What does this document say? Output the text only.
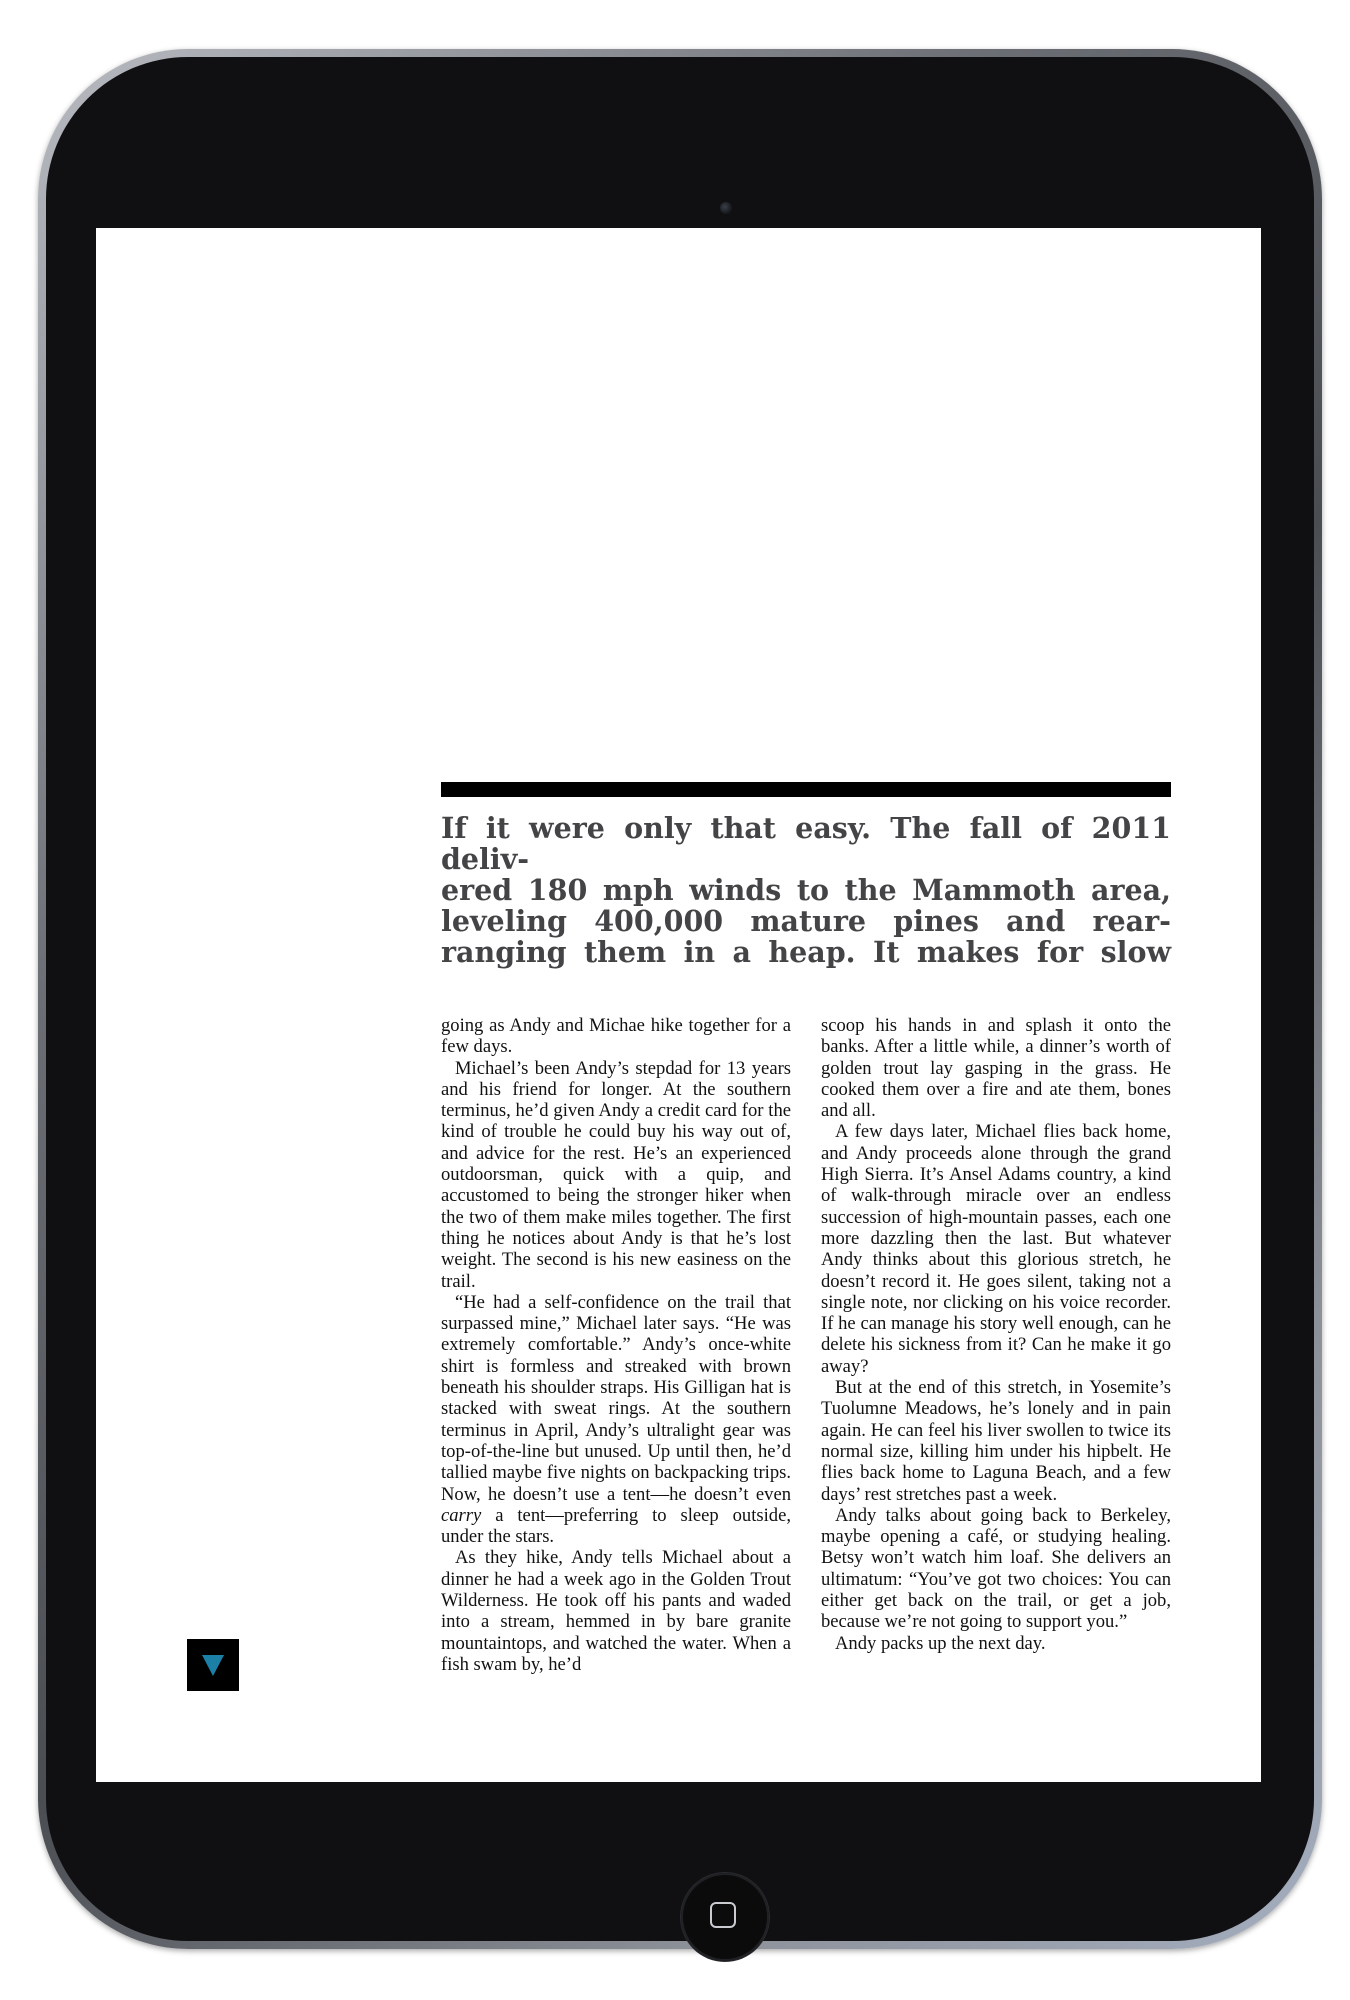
If it were only that easy. The fall of 2011 deliv-
ered 180 mph winds to the Mammoth area,
leveling 400,000 mature pines and rear-
ranging them in a heap. It makes for slow

going as Andy and Michae hike together for a few days.

Michael’s been Andy’s stepdad for 13 years and his friend for longer. At the southern terminus, he’d given Andy a credit card for the kind of trouble he could buy his way out of, and advice for the rest. He’s an experienced outdoorsman, quick with a quip, and accustomed to being the stronger hiker when the two of them make miles together. The first thing he notices about Andy is that he’s lost weight. The second is his new easiness on the trail.

“He had a self-confidence on the trail that surpassed mine,” Michael later says. “He was extremely comfortable.” Andy’s once-white shirt is formless and streaked with brown beneath his shoulder straps. His Gilligan hat is stacked with sweat rings. At the southern terminus in April, Andy’s ultralight gear was top-of-the-line but unused. Up until then, he’d tallied maybe five nights on backpacking trips. Now, he doesn’t use a tent—he doesn’t even carry a tent—preferring to sleep outside, under the stars.

As they hike, Andy tells Michael about a dinner he had a week ago in the Golden Trout Wilderness. He took off his pants and waded into a stream, hemmed in by bare granite mountaintops, and watched the water. When a fish swam by, he’d

scoop his hands in and splash it onto the banks. After a little while, a dinner’s worth of golden trout lay gasping in the grass. He cooked them over a fire and ate them, bones and all.

A few days later, Michael flies back home, and Andy proceeds alone through the grand High Sierra. It’s Ansel Adams country, a kind of walk-through miracle over an endless succession of high-mountain passes, each one more dazzling then the last. But whatever Andy thinks about this glorious stretch, he doesn’t record it. He goes silent, taking not a single note, nor clicking on his voice recorder. If he can manage his story well enough, can he delete his sickness from it? Can he make it go away?

But at the end of this stretch, in Yosemite’s Tuolumne Meadows, he’s lonely and in pain again. He can feel his liver swollen to twice its normal size, killing him under his hipbelt. He flies back home to Laguna Beach, and a few days’ rest stretches past a week.

Andy talks about going back to Berkeley, maybe opening a café, or studying healing. Betsy won’t watch him loaf. She delivers an ultimatum: “You’ve got two choices: You can either get back on the trail, or get a job, because we’re not going to support you.”

Andy packs up the next day.
